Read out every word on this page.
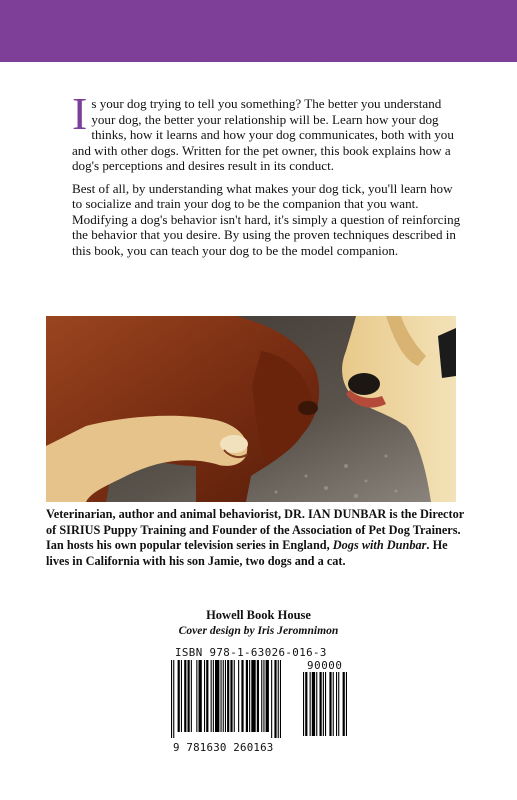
Is your dog trying to tell you something? The better you understand your dog, the better your relationship will be. Learn how your dog thinks, how it learns and how your dog communicates, both with you and with other dogs. Written for the pet owner, this book explains how a dog's perceptions and desires result in its conduct.

Best of all, by understanding what makes your dog tick, you'll learn how to socialize and train your dog to be the companion that you want. Modifying a dog's behavior isn't hard, it's simply a question of reinforcing the behavior that you desire. By using the proven techniques described in this book, you can teach your dog to be the model companion.

Veterinarian, author and animal behaviorist, DR. IAN DUNBAR is the Director of SIRIUS Puppy Training and Founder of the Association of Pet Dog Trainers. Ian hosts his own popular television series in England, Dogs with Dunbar. He lives in California with his son Jamie, two dogs and a cat.
Howell Book House
Cover design by Iris Jeromnimon
ISBN 978-1-63026-016-3
90000
9 781630 260163
